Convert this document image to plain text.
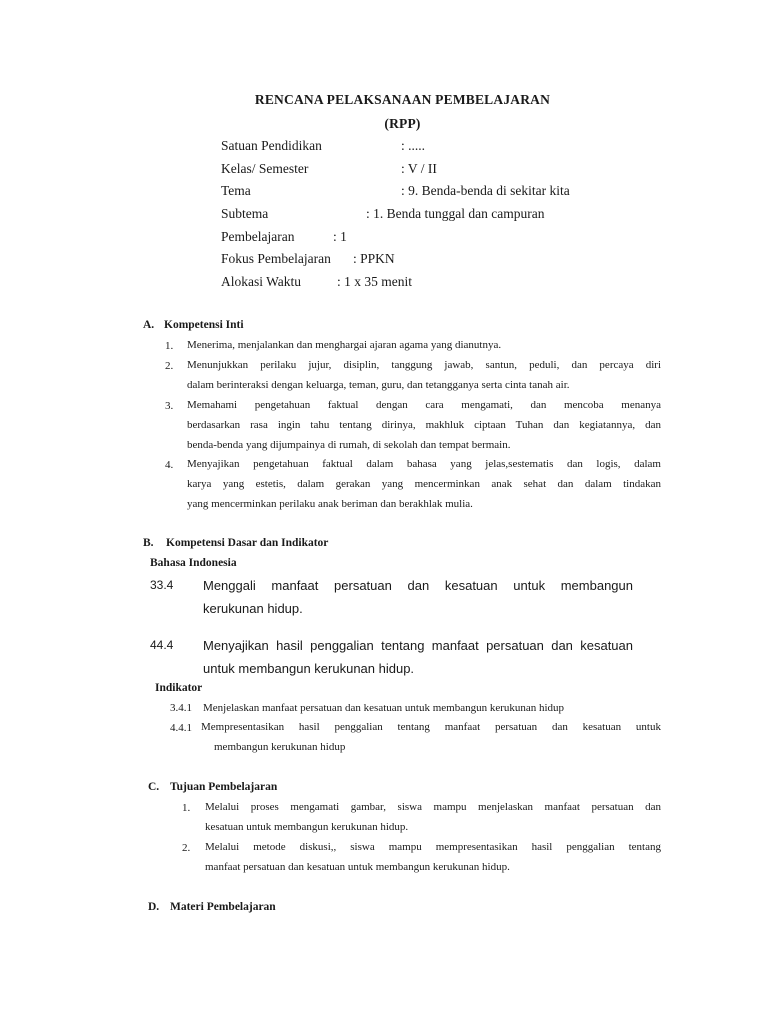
RENCANA PELAKSANAAN PEMBELAJARAN
(RPP)
Satuan Pendidikan	: .....
Kelas/ Semester	: V / II
Tema	: 9. Benda-benda di sekitar kita
Subtema	: 1. Benda tunggal dan campuran
Pembelajaran	: 1
Fokus Pembelajaran : PPKN
Alokasi Waktu	: 1 x 35 menit
A. Kompetensi Inti
1. Menerima, menjalankan dan menghargai ajaran agama yang dianutnya.
2. Menunjukkan perilaku jujur, disiplin, tanggung jawab, santun, peduli, dan percaya diri
dalam berinteraksi dengan keluarga, teman, guru, dan tetangganya serta cinta tanah air.
3. Memahami pengetahuan faktual dengan cara mengamati, dan mencoba menanya
berdasarkan rasa ingin tahu tentang dirinya, makhluk ciptaan Tuhan dan kegiatannya, dan
benda-benda yang dijumpainya di rumah, di sekolah dan tempat bermain.
4. Menyajikan pengetahuan faktual dalam bahasa yang jelas,sestematis dan logis, dalam
karya yang estetis, dalam gerakan yang mencerminkan anak sehat dan dalam tindakan
yang mencerminkan perilaku anak beriman dan berakhlak mulia.
B. Kompetensi Dasar dan Indikator
Bahasa Indonesia
33.4 Menggali manfaat persatuan dan kesatuan untuk membangun
kerukunan hidup.
44.4 Menyajikan hasil penggalian tentang manfaat persatuan dan kesatuan
untuk membangun kerukunan hidup.
Indikator
3.4.1 Menjelaskan manfaat persatuan dan kesatuan untuk membangun kerukunan hidup
4.4.1 Mempresentasikan hasil penggalian tentang manfaat persatuan dan kesatuan untuk
membangun kerukunan hidup
C. Tujuan Pembelajaran
1. Melalui proses mengamati gambar, siswa mampu menjelaskan manfaat persatuan dan
kesatuan untuk membangun kerukunan hidup.
2. Melalui metode diskusi,, siswa mampu mempresentasikan hasil penggalian tentang
manfaat persatuan dan kesatuan untuk membangun kerukunan hidup.
D. Materi Pembelajaran
